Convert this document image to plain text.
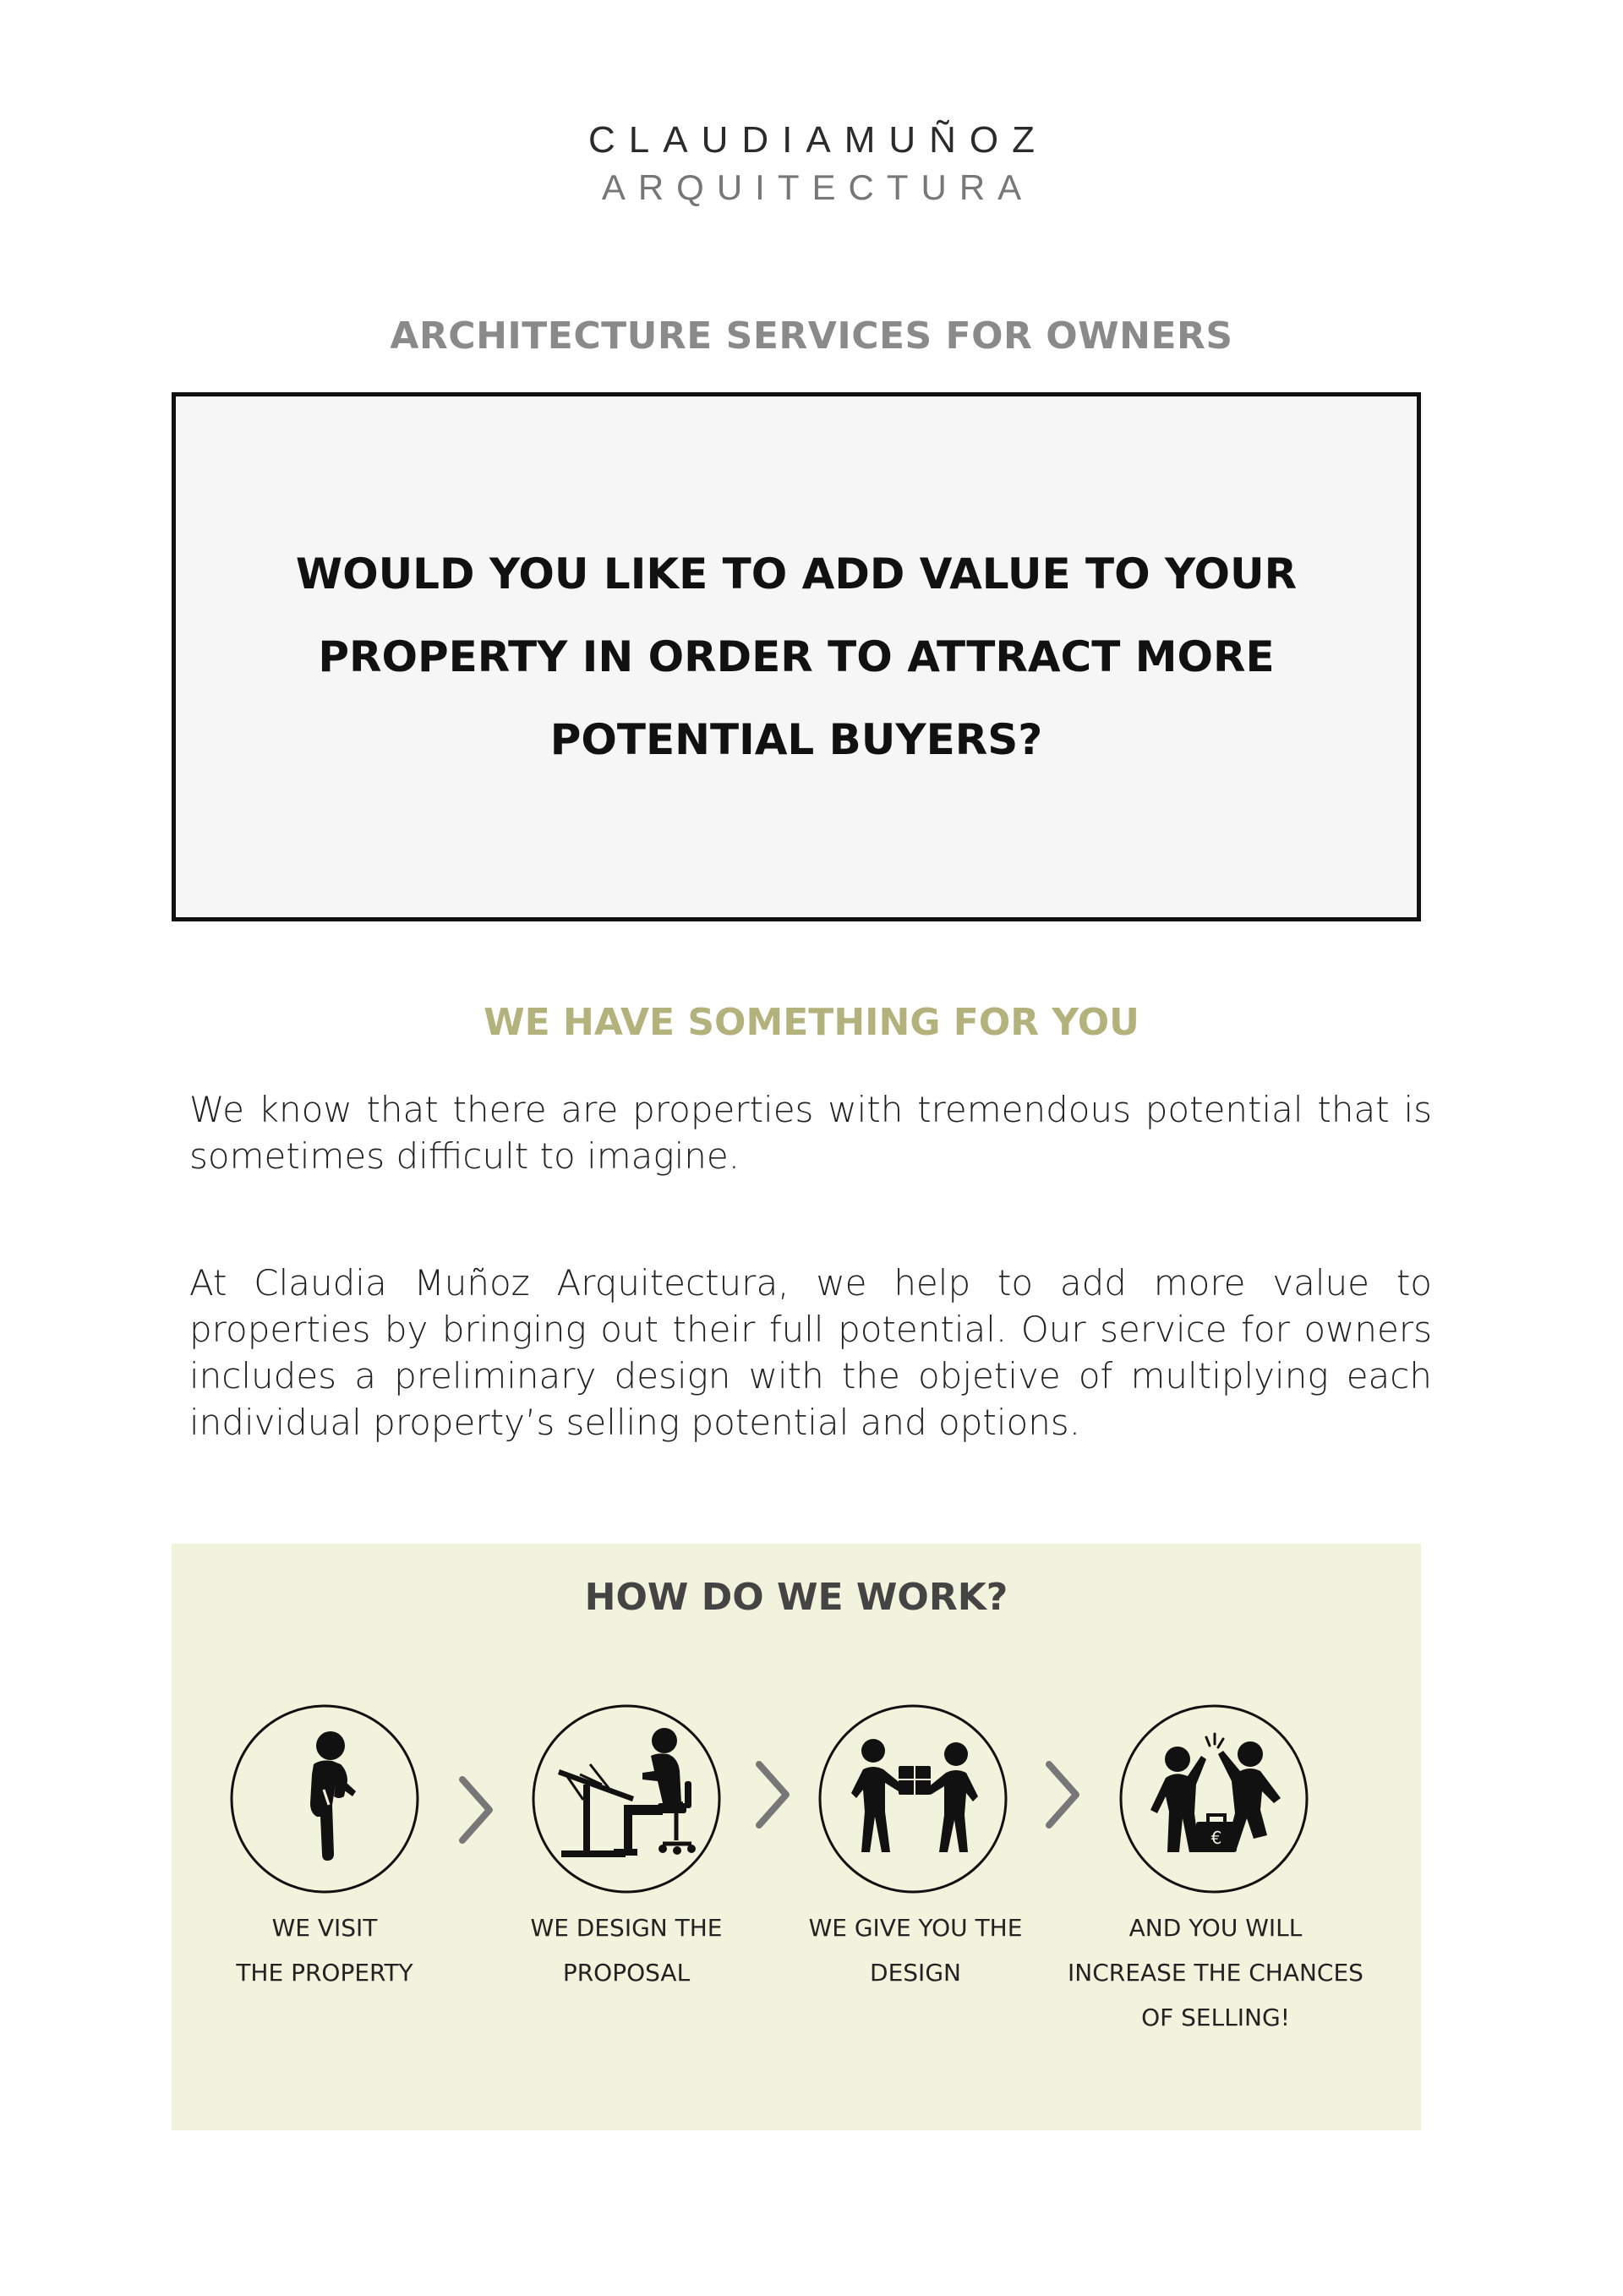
CLAUDIAMUÑOZ
ARQUITECTURA
ARCHITECTURE SERVICES FOR OWNERS
WOULD YOU LIKE TO ADD VALUE TO YOUR PROPERTY IN ORDER TO ATTRACT MORE POTENTIAL BUYERS?
WE HAVE SOMETHING FOR YOU
We know that there are properties with tremendous potential that is sometimes difficult to imagine.
At Claudia Muñoz Arquitectura, we help to add more value to properties by bringing out their full potential. Our service for owners includes a preliminary design with the objetive of multiplying each individual property’s selling potential and options.
HOW DO WE WORK?
€
WE VISIT
THE PROPERTY
WE DESIGN THE
PROPOSAL
WE GIVE YOU THE
DESIGN
AND YOU WILL
INCREASE THE CHANCES
OF SELLING!
